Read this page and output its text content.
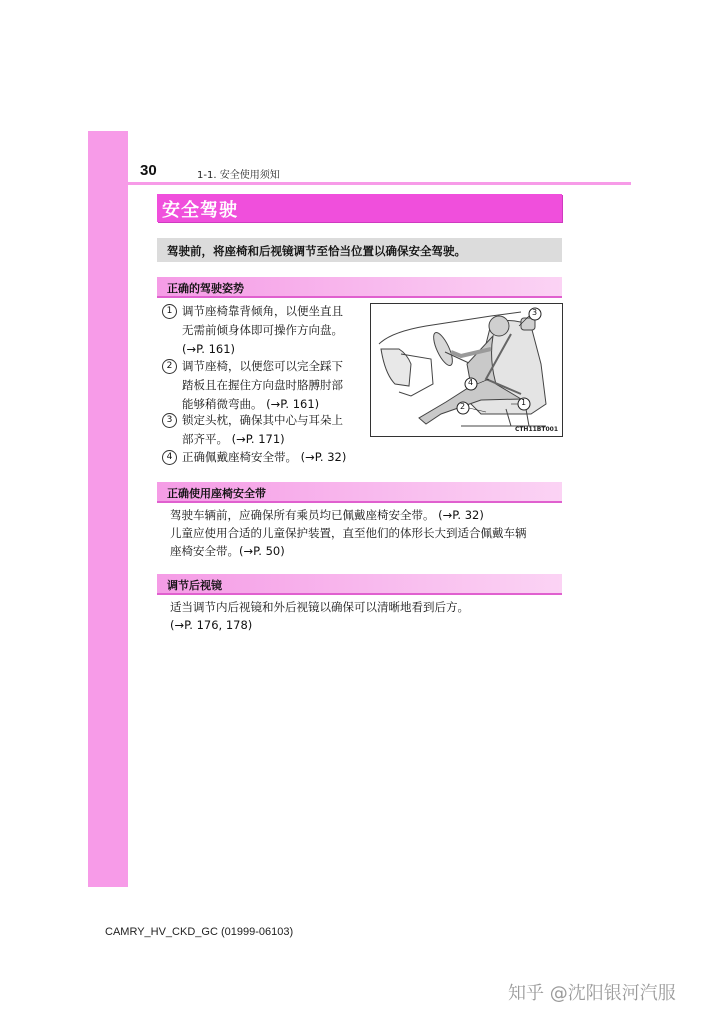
30	1-1. 安全使用须知
安全驾驶
驾驶前，将座椅和后视镜调节至恰当位置以确保安全驾驶。
正确的驾驶姿势
1 调节座椅靠背倾角，以便坐直且
无需前倾身体即可操作方向盘。
(→P. 161)
2 调节座椅，以便您可以完全踩下
踏板且在握住方向盘时胳膊肘部
能够稍微弯曲。 (→P. 161)
3 锁定头枕，确保其中心与耳朵上
部齐平。 (→P. 171)
4 正确佩戴座椅安全带。 (→P. 32)
3
1
2
4
CTH11BT001
正确使用座椅安全带
驾驶车辆前，应确保所有乘员均已佩戴座椅安全带。 (→P. 32)
儿童应使用合适的儿童保护装置，直至他们的体形长大到适合佩戴车辆
座椅安全带。(→P. 50)
调节后视镜
适当调节内后视镜和外后视镜以确保可以清晰地看到后方。
(→P. 176, 178)
CAMRY_HV_CKD_GC (01999-06103)
知乎 @沈阳银河汽服
